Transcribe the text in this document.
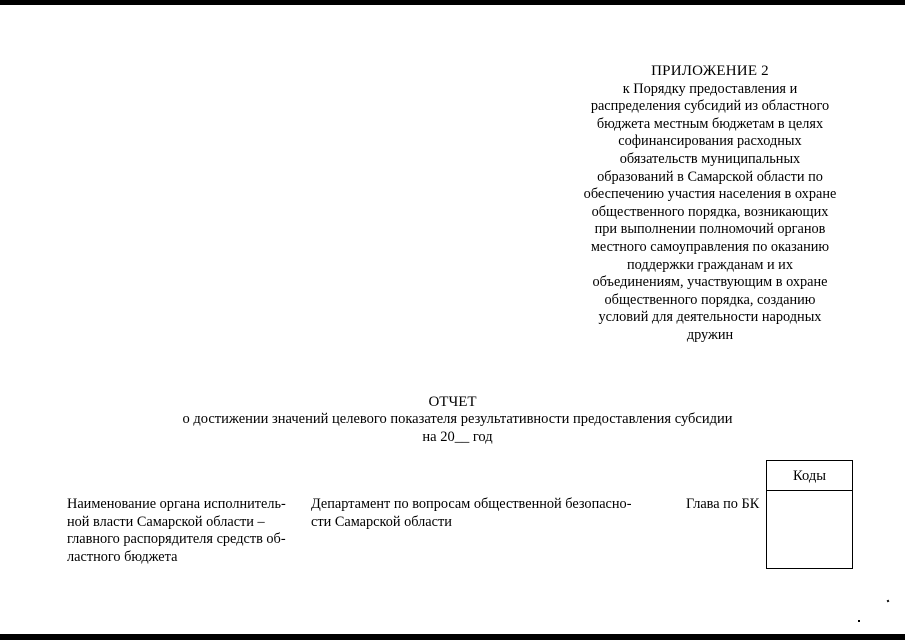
ПРИЛОЖЕНИЕ 2
к Порядку предоставления и
распределения субсидий из областного
бюджета местным бюджетам в целях
софинансирования расходных
обязательств муниципальных
образований в Самарской области по
обеспечению участия населения в охране
общественного порядка, возникающих
при выполнении полномочий органов
местного самоуправления по оказанию
поддержки гражданам и их
объединениям, участвующим в охране
общественного порядка, созданию
условий для деятельности народных
дружин
ОТЧЕТ
о достижении значений целевого показателя результативности предоставления субсидии
на 20__ год
Наименование органа исполнитель-
ной власти Самарской области –
главного распорядителя средств об-
ластного бюджета
Департамент по вопросам общественной безопасно-
сти Самарской области
Глава по БК
Коды
